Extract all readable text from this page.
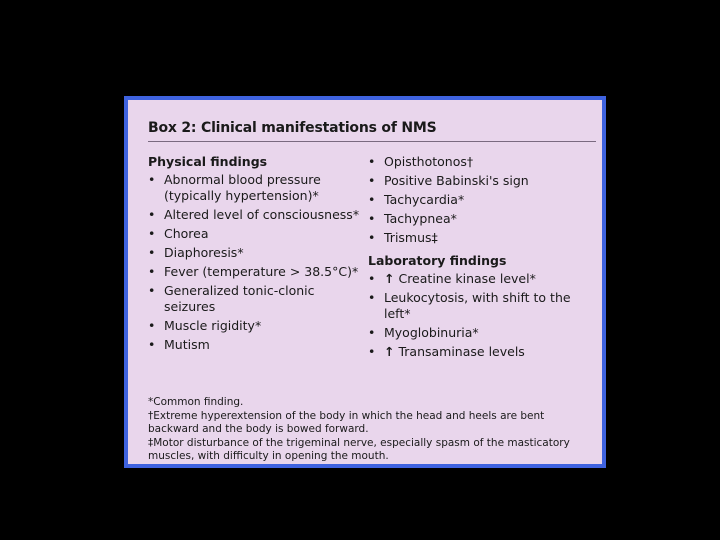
Box 2: Clinical manifestations of NMS
Physical findings
• Abnormal blood pressure (typically hypertension)*
• Altered level of consciousness*
• Chorea
• Diaphoresis*
• Fever (temperature > 38.5°C)*
• Generalized tonic-clonic seizures
• Muscle rigidity*
• Mutism
• Opisthotonos†
• Positive Babinski's sign
• Tachycardia*
• Tachypnea*
• Trismus‡
Laboratory findings
• ↑ Creatine kinase level*
• Leukocytosis, with shift to the left*
• Myoglobinuria*
• ↑ Transaminase levels
*Common finding.
†Extreme hyperextension of the body in which the head and heels are bent backward and the body is bowed forward.
‡Motor disturbance of the trigeminal nerve, especially spasm of the masticatory muscles, with difficulty in opening the mouth.
